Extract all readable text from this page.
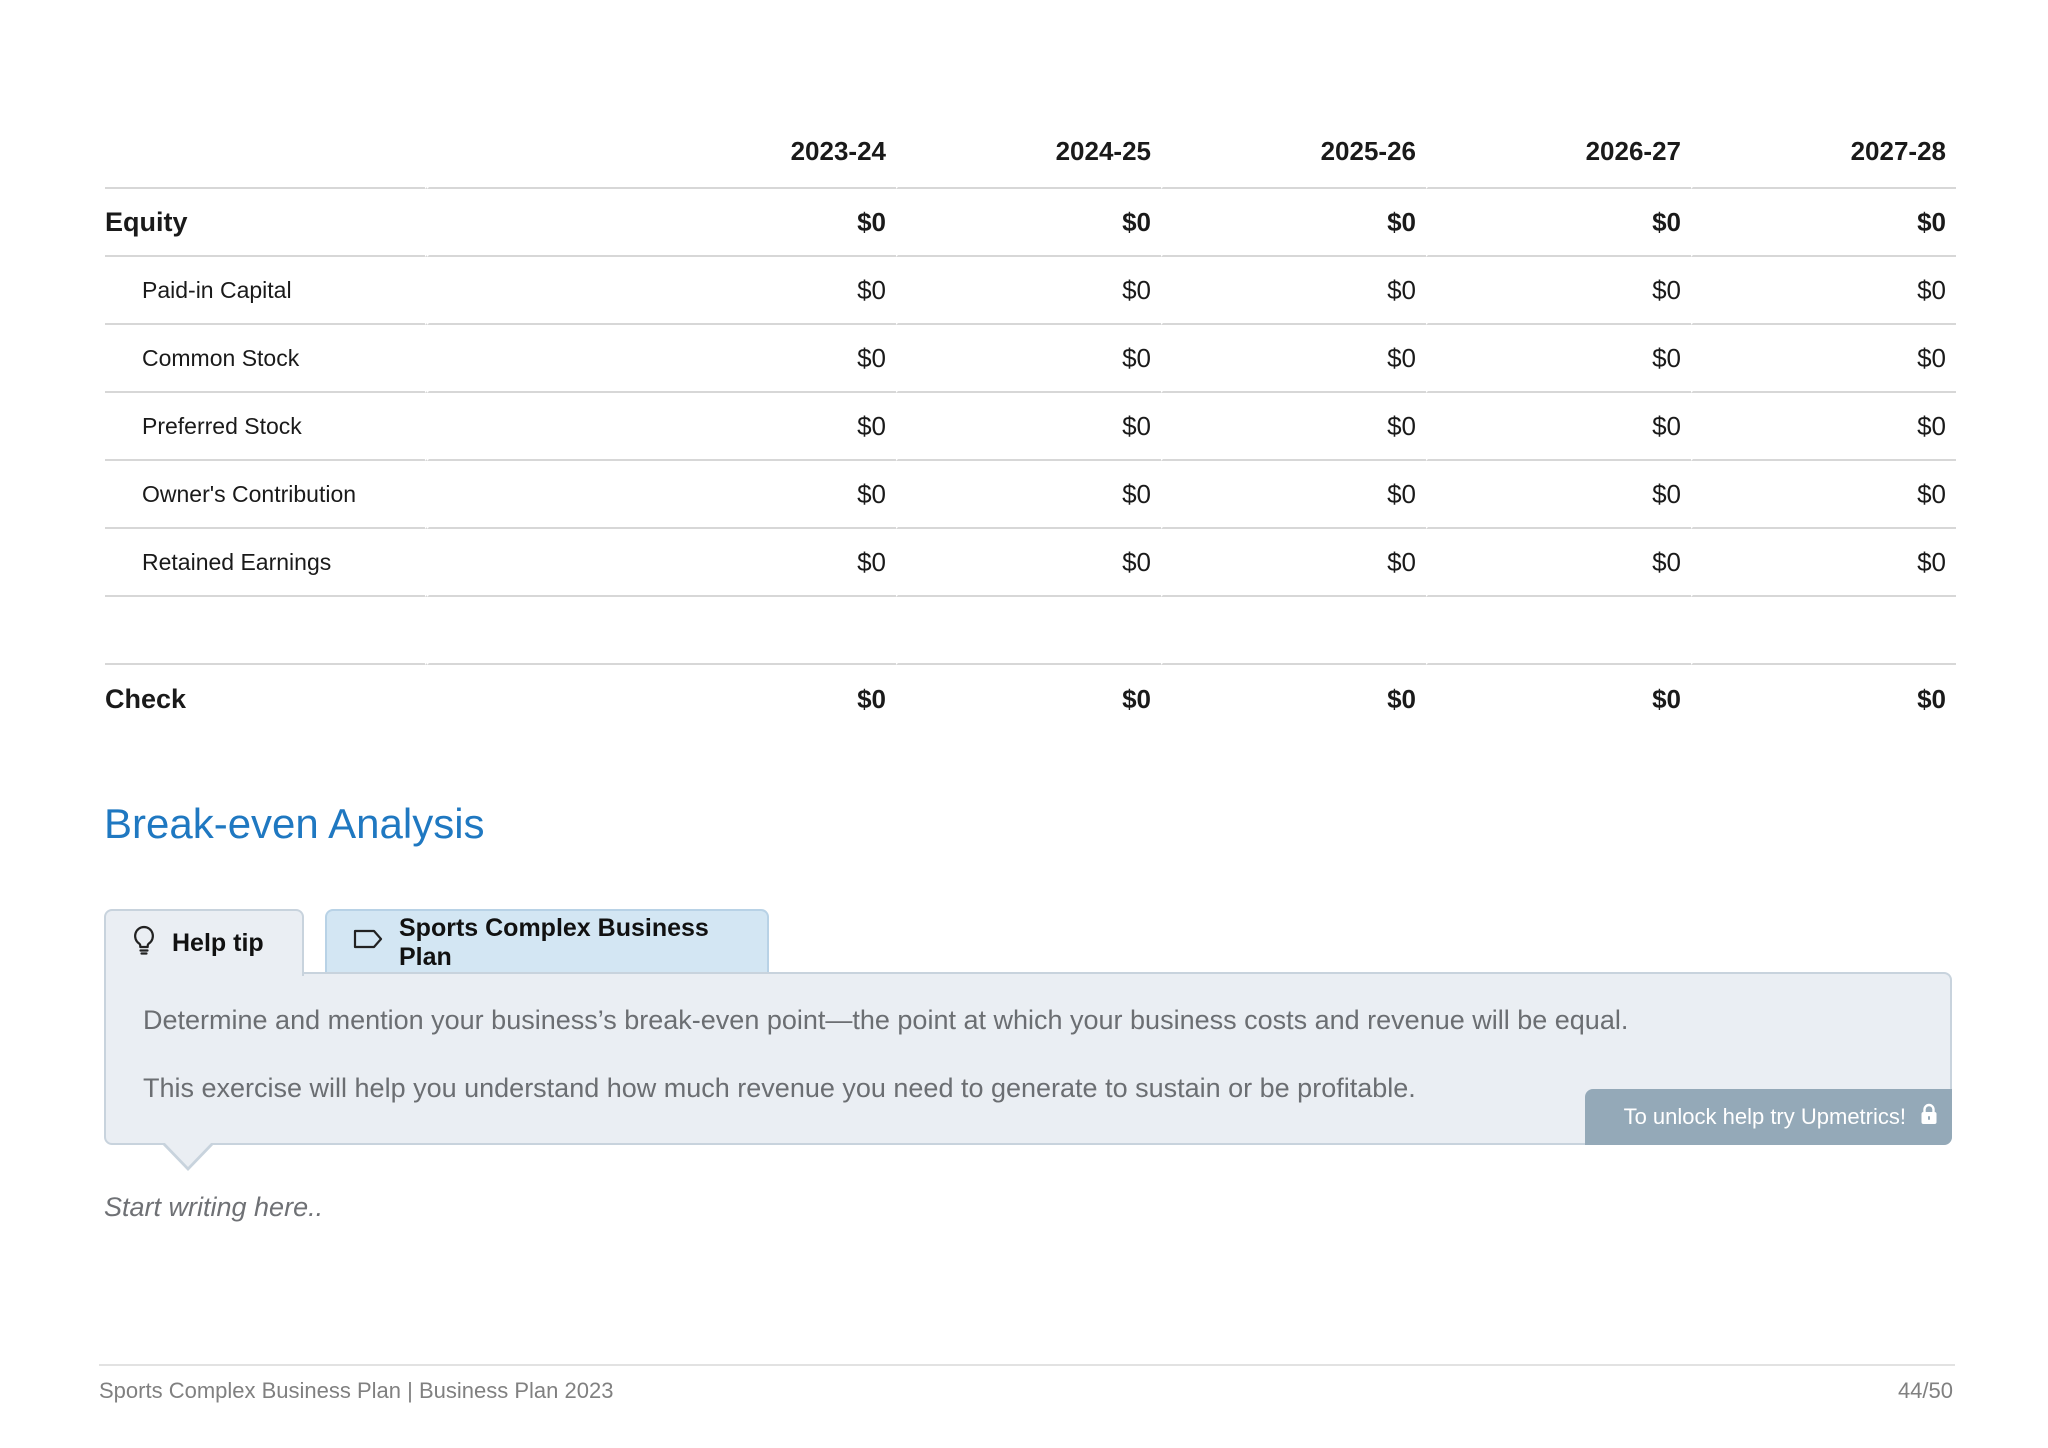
		2023-24	2024-25	2025-26	2026-27	2027-28
Equity		$0	$0	$0	$0	$0
Paid-in Capital		$0	$0	$0	$0	$0
Common Stock		$0	$0	$0	$0	$0
Preferred Stock		$0	$0	$0	$0	$0
Owner's Contribution		$0	$0	$0	$0	$0
Retained Earnings		$0	$0	$0	$0	$0

Check		$0	$0	$0	$0	$0
Break-even Analysis
Help tip
Sports Complex Business Plan

Determine and mention your business’s break-even point—the point at which your business costs and revenue will be equal.

This exercise will help you understand how much revenue you need to generate to sustain or be profitable.

To unlock help try Upmetrics!
Start writing here..
Sports Complex Business Plan | Business Plan 2023	44/50
